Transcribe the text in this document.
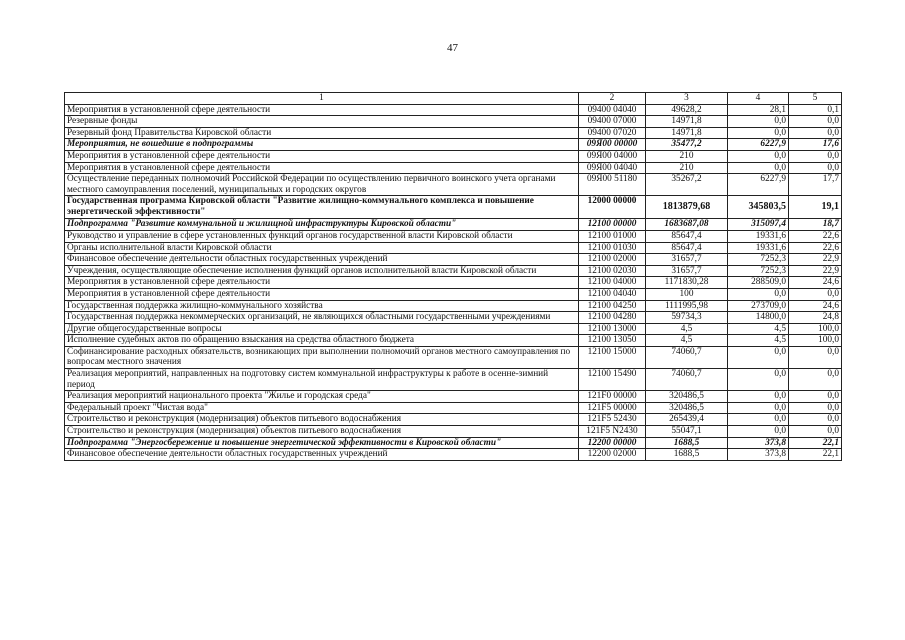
47
1	2	3	4	5
Мероприятия в установленной сфере деятельности	09400 04040	49628,2	28,1	0,1
Резервные фонды	09400 07000	14971,8	0,0	0,0
Резервный фонд Правительства Кировской области	09400 07020	14971,8	0,0	0,0
Мероприятия, не вошедшие в подпрограммы	09Я00 00000	35477,2	6227,9	17,6
Мероприятия в установленной сфере деятельности	09Я00 04000	210	0,0	0,0
Мероприятия в установленной сфере деятельности	09Я00 04040	210	0,0	0,0
Осуществление переданных полномочий Российской Федерации по осуществлению первичного воинского учета органами местного самоуправления поселений, муниципальных и городских округов	09Я00 51180	35267,2	6227,9	17,7
Государственная программа Кировской области "Развитие жилищно-коммунального комплекса и повышение энергетической эффективности"	12000 00000	1813879,68	345803,5	19,1
Подпрограмма "Развитие коммунальной и жилищной инфраструктуры Кировской области"	12100 00000	1683687,08	315097,4	18,7
Руководство и управление в сфере установленных функций органов государственной власти Кировской области	12100 01000	85647,4	19331,6	22,6
Органы исполнительной власти Кировской области	12100 01030	85647,4	19331,6	22,6
Финансовое обеспечение деятельности областных государственных учреждений	12100 02000	31657,7	7252,3	22,9
Учреждения, осуществляющие обеспечение исполнения функций органов исполнительной власти Кировской области	12100 02030	31657,7	7252,3	22,9
Мероприятия в установленной сфере деятельности	12100 04000	1171830,28	288509,0	24,6
Мероприятия в установленной сфере деятельности	12100 04040	100	0,0	0,0
Государственная поддержка жилищно-коммунального хозяйства	12100 04250	1111995,98	273709,0	24,6
Государственная поддержка некоммерческих организаций, не являющихся областными государственными учреждениями	12100 04280	59734,3	14800,0	24,8
Другие общегосударственные вопросы	12100 13000	4,5	4,5	100,0
Исполнение судебных актов по обращению взыскания на средства областного бюджета	12100 13050	4,5	4,5	100,0
Софинансирование расходных обязательств, возникающих при выполнении полномочий органов местного самоуправления по вопросам местного значения	12100 15000	74060,7	0,0	0,0
Реализация мероприятий, направленных на подготовку систем коммунальной инфраструктуры к работе в осенне-зимний период	12100 15490	74060,7	0,0	0,0
Реализация мероприятий национального проекта "Жилье и городская среда"	121F0 00000	320486,5	0,0	0,0
Федеральный проект "Чистая вода"	121F5 00000	320486,5	0,0	0,0
Строительство и реконструкция (модернизация) объектов питьевого водоснабжения	121F5 52430	265439,4	0,0	0,0
Строительство и реконструкция (модернизация) объектов питьевого водоснабжения	121F5 N2430	55047,1	0,0	0,0
Подпрограмма "Энергосбережение и повышение энергетической эффективности в Кировской области"	12200 00000	1688,5	373,8	22,1
Финансовое обеспечение деятельности областных государственных учреждений	12200 02000	1688,5	373,8	22,1
